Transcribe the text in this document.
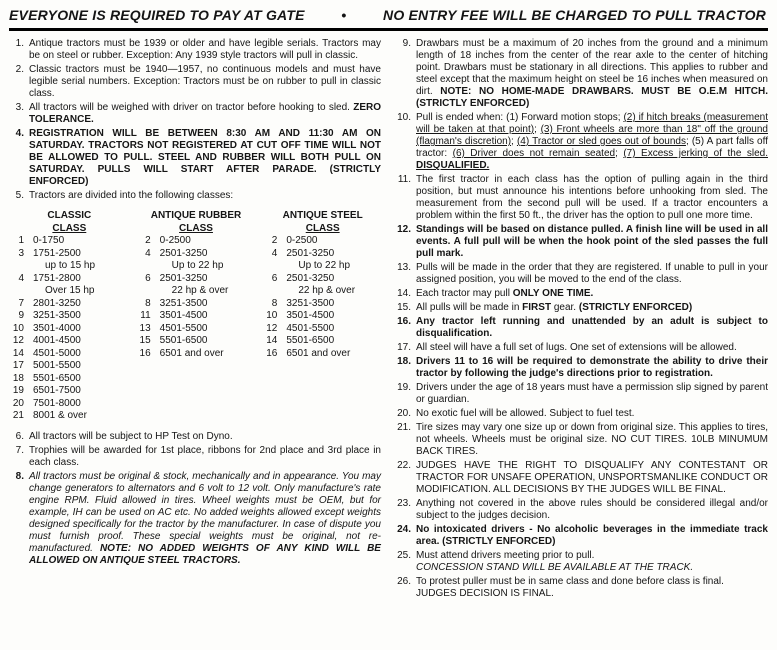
EVERYONE IS REQUIRED TO PAY AT GATE	•	NO ENTRY FEE WILL BE CHARGED TO PULL TRACTOR
1. Antique tractors must be 1939 or older and have legible serials. Tractors may be on steel or rubber. Exception: Any 1939 style tractors will pull in classic.
2. Classic tractors must be 1940—1957, no continuous models and must have legible serial numbers. Exception: Tractors must be on rubber to pull in classic class.
3. All tractors will be weighed with driver on tractor before hooking to sled. ZERO TOLERANCE.
4. REGISTRATION WILL BE BETWEEN 8:30 AM AND 11:30 AM ON SATURDAY. TRACTORS NOT REGISTERED AT CUT OFF TIME WILL NOT BE ALLOWED TO PULL. STEEL AND RUBBER WILL BOTH PULL ON SATURDAY. PULLS WILL START AFTER PARADE. (STRICTLY ENFORCED)
5. Tractors are divided into the following classes:
CLASSIC
CLASS
1 0-1750
3 1751-2500
up to 15 hp
4 1751-2800
Over 15 hp
7 2801-3250
9 3251-3500
10 3501-4000
12 4001-4500
14 4501-5000
17 5001-5500
18 5501-6500
19 6501-7500
20 7501-8000
21 8001 & over
ANTIQUE RUBBER
CLASS
2 0-2500
4 2501-3250
Up to 22 hp
6 2501-3250
22 hp & over
8 3251-3500
11 3501-4500
13 4501-5500
15 5501-6500
16 6501 and over
ANTIQUE STEEL
CLASS
2 0-2500
4 2501-3250
Up to 22 hp
6 2501-3250
22 hp & over
8 3251-3500
10 3501-4500
12 4501-5500
14 5501-6500
16 6501 and over
6. All tractors will be subject to HP Test on Dyno.
7. Trophies will be awarded for 1st place, ribbons for 2nd place and 3rd place in each class.
8. All tractors must be original & stock, mechanically and in appearance. You may change generators to alternators and 6 volt to 12 volt. Only manufacture's rate engine RPM. Fluid allowed in tires. Wheel weights must be OEM, but for example, IH can be used on AC etc. No added weights allowed except weights designed specifically for the tractor by the manufacturer. In case of dispute you must furnish proof. These special weights must be original, not re-manufactured. NOTE: NO ADDED WEIGHTS OF ANY KIND WILL BE ALLOWED ON ANTIQUE STEEL TRACTORS.
9. Drawbars must be a maximum of 20 inches from the ground and a minimum length of 18 inches from the center of the rear axle to the center of hitching point. Drawbars must be stationary in all directions. This applies to rubber and steel except that the maximum height on steel be 16 inches when measured on dirt. NOTE: NO HOME-MADE DRAWBARS. MUST BE O.E.M HITCH. (STRICTLY ENFORCED)
10. Pull is ended when: (1) Forward motion stops; (2) if hitch breaks (measurement will be taken at that point); (3) Front wheels are more than 18" off the ground (flagman's discretion); (4) Tractor or sled goes out of bounds; (5) A part falls off tractor: (6) Driver does not remain seated; (7) Excess jerking of the sled. DISQUALIFIED.
11. The first tractor in each class has the option of pulling again in the third position, but must announce his intentions before unhooking from sled. The measurement from the second pull will be used. If a tractor encounters a problem within the first 50 ft., the driver has the option to pull one more time.
12. Standings will be based on distance pulled. A finish line will be used in all events. A full pull will be when the hook point of the sled passes the full pull mark.
13. Pulls will be made in the order that they are registered. If unable to pull in your assigned position, you will be moved to the end of the class.
14. Each tractor may pull ONLY ONE TIME.
15. All pulls will be made in FIRST gear. (STRICTLY ENFORCED)
16. Any tractor left running and unattended by an adult is subject to disqualification.
17. All steel will have a full set of lugs. One set of extensions will be allowed.
18. Drivers 11 to 16 will be required to demonstrate the ability to drive their tractor by following the judge's directions prior to registration.
19. Drivers under the age of 18 years must have a permission slip signed by parent or guardian.
20. No exotic fuel will be allowed. Subject to fuel test.
21. Tire sizes may vary one size up or down from original size. This applies to tires, not wheels. Wheels must be original size. NO CUT TIRES. 10LB MINUMUM BACK TIRES.
22. JUDGES HAVE THE RIGHT TO DISQUALIFY ANY CONTESTANT OR TRACTOR FOR UNSAFE OPERATION, UNSPORTSMANLIKE CONDUCT OR MODIFICATION. ALL DECISIONS BY THE JUDGES WILL BE FINAL.
23. Anything not covered in the above rules should be considered illegal and/or subject to the judges decision.
24. No intoxicated drivers - No alcoholic beverages in the immediate track area. (STRICTLY ENFORCED)
25. Must attend drivers meeting prior to pull.
CONCESSION STAND WILL BE AVAILABLE AT THE TRACK.
26. To protest puller must be in same class and done before class is final.
JUDGES DECISION IS FINAL.
